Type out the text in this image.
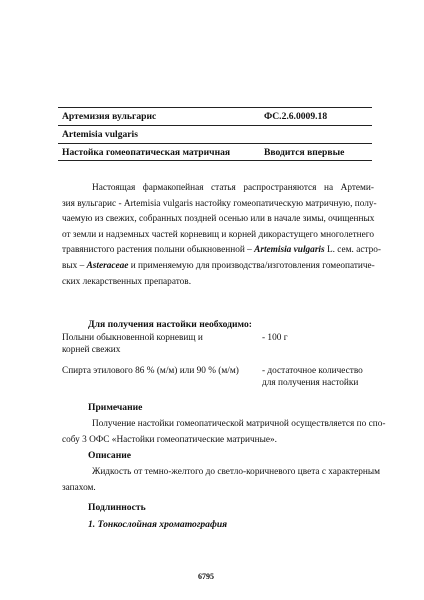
Артемизия вульгарис	ФС.2.6.0009.18
Artemisia vulgaris
Настойка гомеопатическая матричная	Вводится впервые
Настоящая фармакопейная статья распространяются на Артеми-
зия вульгарис - Artemisia vulgaris настойку гомеопатическую матричную, полу-
чаемую из свежих, собранных поздней осенью или в начале зимы, очищенных
от земли и надземных частей корневищ и корней дикорастущего многолетнего
травянистого растения полыни обыкновенной – Artemisia vulgaris L. сем. астро-
вых – Asteraceae и применяемую для производства/изготовления гомеопатиче-
ских лекарственных препаратов.
Для получения настойки необходимо:
Полыни обыкновенной корневищ и
корней свежих
- 100 г
Спирта этилового 86 % (м/м) или 90 % (м/м) - достаточное количество
для получения настойки
Примечание
Получение настойки гомеопатической матричной осуществляется по спо-
собу 3 ОФС «Настойки гомеопатические матричные».
Описание
Жидкость от темно-желтого до светло-коричневого цвета с характерным
запахом.
Подлинность
1. Тонкослойная хроматография
6795
